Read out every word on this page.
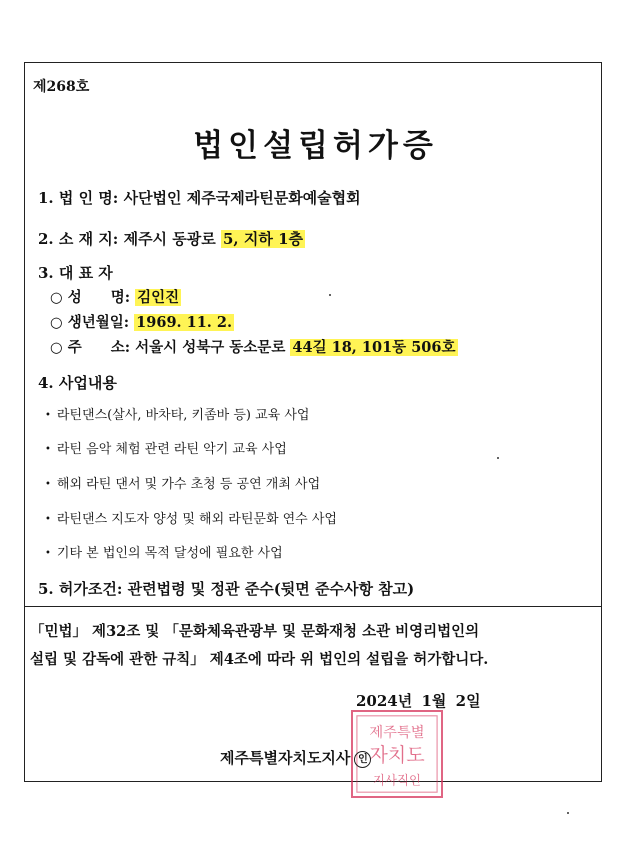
제268호
법인설립허가증
1. 법 인 명: 사단법인 제주국제라틴문화예술협회
2. 소 재 지: 제주시 동광로 5, 지하 1층
3. 대 표 자
○ 성　　명: 김인진
○ 생년월일: 1969. 11. 2.
○ 주　　소: 서울시 성북구 동소문로 44길 18, 101동 506호
4. 사업내용
• 라틴댄스(살사, 바차타, 키좀바 등) 교육 사업
• 라틴 음악 체험 관련 라틴 악기 교육 사업
• 해외 라틴 댄서 및 가수 초청 등 공연 개최 사업
• 라틴댄스 지도자 양성 및 해외 라틴문화 연수 사업
• 기타 본 법인의 목적 달성에 필요한 사업
5. 허가조건: 관련법령 및 정관 준수(뒷면 준수사항 참고)
「민법」 제32조 및 「문화체육관광부 및 문화재청 소관 비영리법인의
설립 및 감독에 관한 규칙」 제4조에 따라 위 법인의 설립을 허가합니다.
2024년 1월 2일
제주특별
자치도
지사직인
제주특별자치도지사 인
